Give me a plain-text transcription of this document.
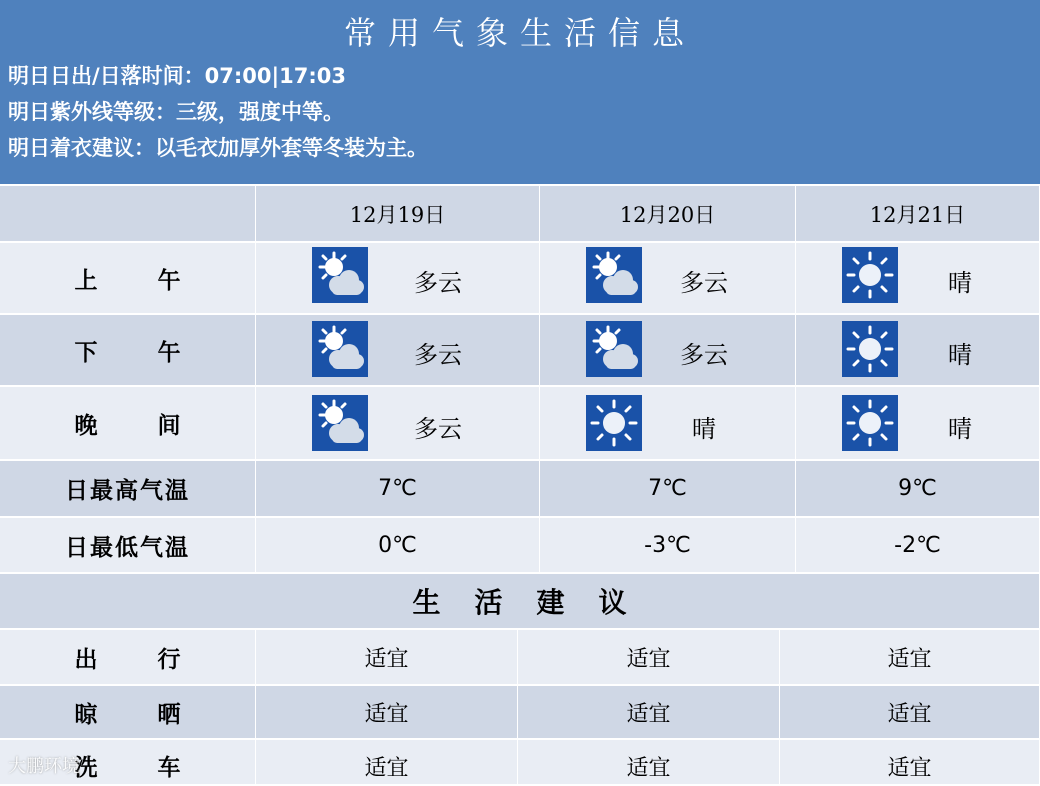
常用气象生活信息
明日日出/日落时间：07:00|17:03
明日紫外线等级：三级，强度中等。
明日着衣建议：以毛衣加厚外套等冬装为主。
12月19日	12月20日	12月21日
上 午	多云	多云	晴
下 午	多云	多云	晴
晚 间	多云	晴	晴
日最高气温	7℃	7℃	9℃
日最低气温	0℃	-3℃	-2℃
生活建议
出 行	适宜	适宜	适宜
晾 晒	适宜	适宜	适宜
洗 车	适宜	适宜	适宜
大鹏环境
